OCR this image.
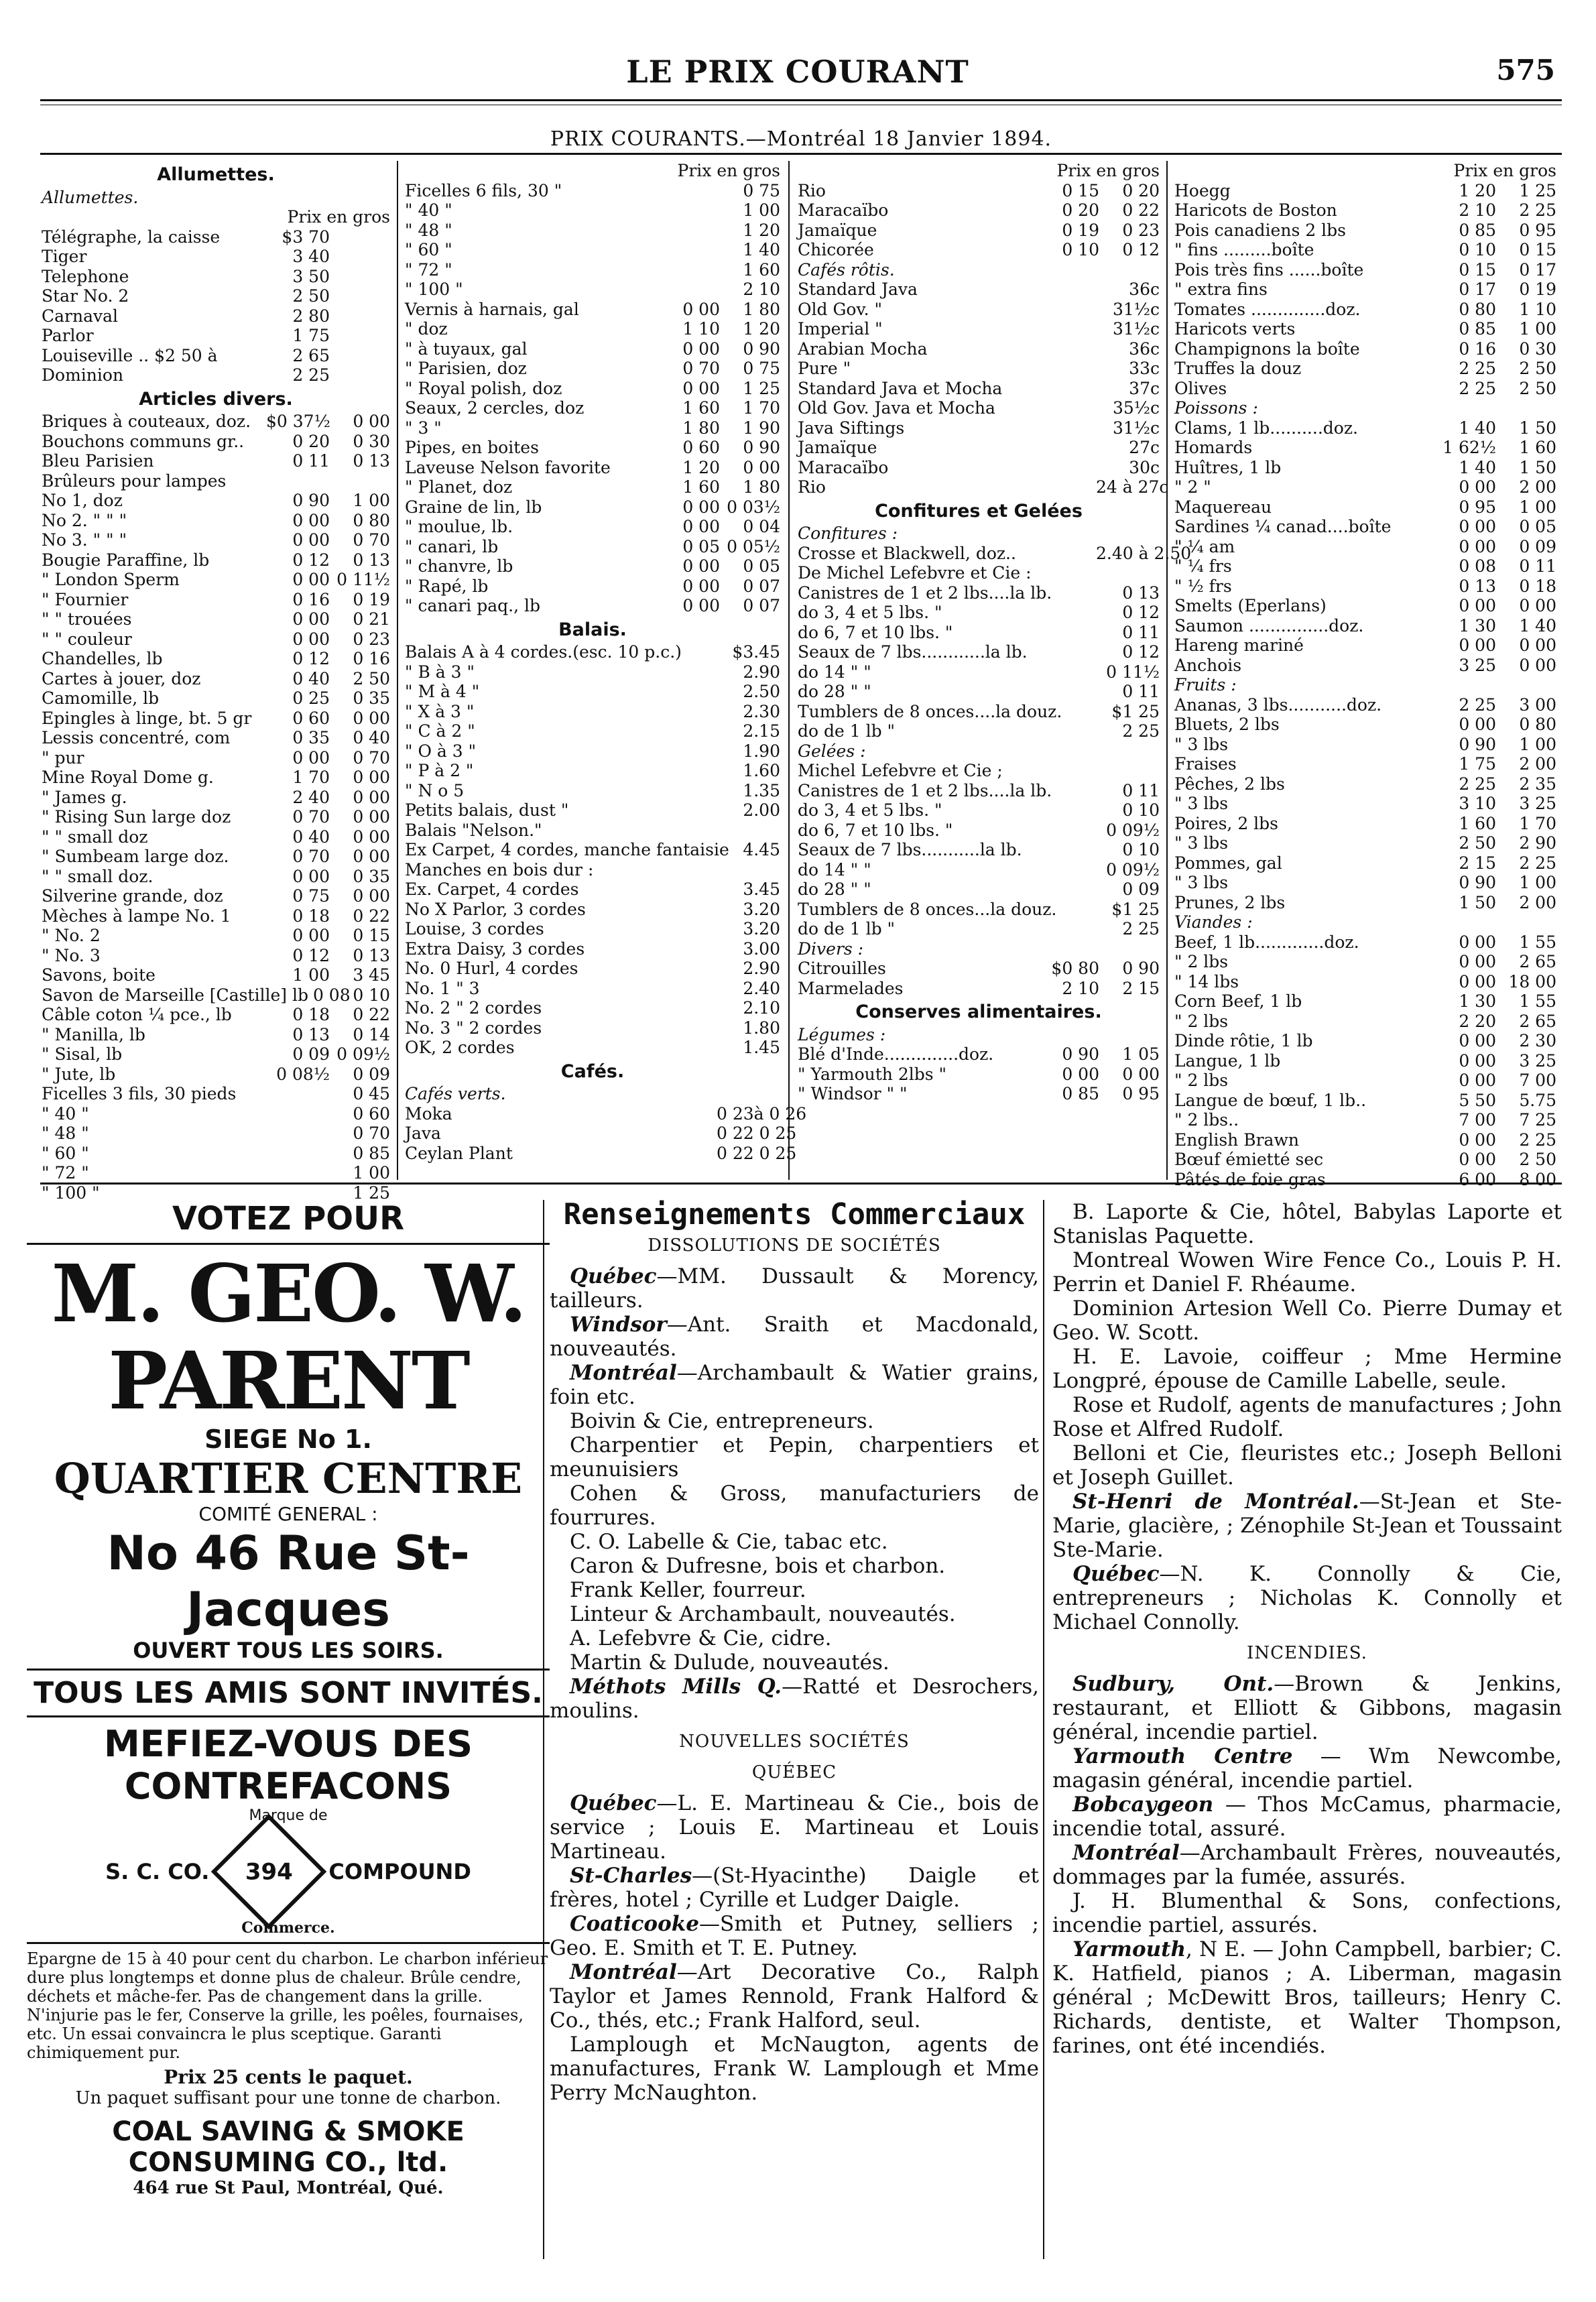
LE PRIX COURANT	575
PRIX COURANTS.—Montréal 18 Janvier 1894.
Allumettes.
Allumettes.
Prix en gros
Télégraphe, la caisse	$3 70
Tiger	3 40
Telephone	3 50
Star No. 2	2 50
Carnaval	2 80
Parlor	1 75
Louiseville .. $2 50 à	2 65
Dominion	2 25
Articles divers.
Briques à couteaux, doz. $0 37½	0 00
Bouchons communs gr..	0 20	0 30
Bleu Parisien	0 11	0 13
Brûleurs pour lampes
No 1, doz	0 90	1 00
No 2. " " "	0 00	0 80
No 3. " " "	0 00	0 70
Bougie Paraffine, lb	0 12	0 13
" London Sperm	0 00 0 11½
" Fournier	0 16	0 19
" " trouées	0 00	0 21
" " couleur	0 00	0 23
Chandelles, lb	0 12	0 16
Cartes à jouer, doz	0 40	2 50
Camomille, lb	0 25	0 35
Epingles à linge, bt. 5 gr	0 60	0 00
Lessis concentré, com	0 35	0 40
" pur	0 00	0 70
Mine Royal Dome g.	1 70	0 00
" James g.	2 40	0 00
" Rising Sun large doz	0 70	0 00
" " small doz	0 40	0 00
" Sumbeam large doz.	0 70	0 00
" " small doz.	0 00	0 35
Silverine grande, doz	0 75	0 00
Mèches à lampe No. 1	0 18	0 22
" No. 2	0 00	0 15
" No. 3	0 12	0 13
Savons, boite	1 00	3 45
Savon de Marseille [Castille] lb 0 08 0 10
Câble coton ¼ pce., lb	0 18	0 22
" Manilla, lb	0 13	0 14
" Sisal, lb	0 09 0 09½
" Jute, lb	0 08½	0 09
Ficelles 3 fils, 30 pieds	0 45
" 40 "	0 60
" 48 "	0 70
" 60 "	0 85
" 72 "	1 00
" 100 "	1 25
Prix en gros
Ficelles 6 fils, 30 "	0 75
" 40 "	1 00
" 48 "	1 20
" 60 "	1 40
" 72 "	1 60
" 100 "	2 10
Vernis à harnais, gal	0 00	1 80
" doz	1 10	1 20
" à tuyaux, gal	0 00	0 90
" Parisien, doz	0 70	0 75
" Royal polish, doz	0 00	1 25
Seaux, 2 cercles, doz	1 60	1 70
" 3 "	1 80	1 90
Pipes, en boites	0 60	0 90
Laveuse Nelson favorite	1 20	0 00
" Planet, doz	1 60	1 80
Graine de lin, lb	0 00 0 03½
" moulue, lb.	0 00	0 04
" canari, lb	0 05 0 05½
" chanvre, lb	0 00	0 05
" Rapé, lb	0 00	0 07
" canari paq., lb	0 00	0 07
Balais.
Balais A à 4 cordes.(esc. 10 p.c.)	$3.45
" B à 3 "	2.90
" M à 4 "	2.50
" X à 3 "	2.30
" C à 2 "	2.15
" O à 3 "	1.90
" P à 2 "	1.60
" N o 5	1.35
Petits balais, dust "	2.00
Balais "Nelson."
Ex Carpet, 4 cordes, manche fantaisie 4.45
Manches en bois dur :
Ex. Carpet, 4 cordes	3.45
No X Parlor, 3 cordes	3.20
Louise, 3 cordes	3.20
Extra Daisy, 3 cordes	3.00
No. 0 Hurl, 4 cordes	2.90
No. 1 " 3	2.40
No. 2 " 2 cordes	2.10
No. 3 " 2 cordes	1.80
OK, 2 cordes	1.45
Cafés.
Cafés verts.
Moka	0 23à 0 26
Java	0 22 0 25
Ceylan Plant	0 22 0 25
Prix en gros
Rio	0 15	0 20
Maracaïbo	0 20	0 22
Jamaïque	0 19	0 23
Chicorée	0 10	0 12
Cafés rôtis.
Standard Java	36c
Old Gov. "	31½c
Imperial "	31½c
Arabian Mocha	36c
Pure "	33c
Standard Java et Mocha	37c
Old Gov. Java et Mocha	35½c
Java Siftings	31½c
Jamaïque	27c
Maracaïbo	30c
Rio	24 à 27c
Confitures et Gelées
Confitures :
Crosse et Blackwell, doz..	2.40 à 2.50
De Michel Lefebvre et Cie :
Canistres de 1 et 2 lbs....la lb.	0 13
do 3, 4 et 5 lbs. "	0 12
do 6, 7 et 10 lbs. "	0 11
Seaux de 7 lbs............la lb.	0 12
do 14 " "	0 11½
do 28 " "	0 11
Tumblers de 8 onces....la douz.	$1 25
do de 1 lb "	2 25
Gelées :
Michel Lefebvre et Cie ;
Canistres de 1 et 2 lbs....la lb.	0 11
do 3, 4 et 5 lbs. "	0 10
do 6, 7 et 10 lbs. "	0 09½
Seaux de 7 lbs...........la lb.	0 10
do 14 " "	0 09½
do 28 " "	0 09
Tumblers de 8 onces...la douz.	$1 25
do de 1 lb "	2 25
Divers :
Citrouilles	$0 80	0 90
Marmelades	2 10	2 15
Conserves alimentaires.
Légumes :
Blé d'Inde..............doz.	0 90	1 05
" Yarmouth 2lbs "	0 00	0 00
" Windsor " "	0 85	0 95
Prix en gros
Hoegg	1 20	1 25
Haricots de Boston	2 10	2 25
Pois canadiens 2 lbs	0 85	0 95
" fins .........boîte	0 10	0 15
Pois très fins ......boîte	0 15	0 17
" extra fins	0 17	0 19
Tomates ..............doz.	0 80	1 10
Haricots verts	0 85	1 00
Champignons la boîte	0 16	0 30
Truffes la douz	2 25	2 50
Olives	2 25	2 50
Poissons :
Clams, 1 lb..........doz.	1 40	1 50
Homards	1 62½	1 60
Huîtres, 1 lb	1 40	1 50
" 2 "	0 00	2 00
Maquereau	0 95	1 00
Sardines ¼ canad....boîte	0 00	0 05
" ¼ am	0 00	0 09
" ¼ frs	0 08	0 11
" ½ frs	0 13	0 18
Smelts (Eperlans)	0 00	0 00
Saumon ...............doz.	1 30	1 40
Hareng mariné	0 00	0 00
Anchois	3 25	0 00
Fruits :
Ananas, 3 lbs...........doz.	2 25	3 00
Bluets, 2 lbs	0 00	0 80
" 3 lbs	0 90	1 00
Fraises	1 75	2 00
Pêches, 2 lbs	2 25	2 35
" 3 lbs	3 10	3 25
Poires, 2 lbs	1 60	1 70
" 3 lbs	2 50	2 90
Pommes, gal	2 15	2 25
" 3 lbs	0 90	1 00
Prunes, 2 lbs	1 50	2 00
Viandes :
Beef, 1 lb.............doz.	0 00	1 55
" 2 lbs	0 00	2 65
" 14 lbs	0 00 18 00
Corn Beef, 1 lb	1 30	1 55
" 2 lbs	2 20	2 65
Dinde rôtie, 1 lb	0 00	2 30
Langue, 1 lb	0 00	3 25
" 2 lbs	0 00	7 00
Langue de bœuf, 1 lb..	5 50	5.75
" 2 lbs..	7 00	7 25
English Brawn	0 00	2 25
Bœuf émietté sec	0 00	2 50
Pâtés de foie gras	6 00	8 00
VOTEZ POUR
M. GEO. W. PARENT
SIEGE No 1.
QUARTIER CENTRE
COMITÉ GENERAL :
No 46 Rue St-Jacques
OUVERT TOUS LES SOIRS.
TOUS LES AMIS SONT INVITÉS.
MEFIEZ-VOUS DES CONTREFACONS
Marque de
S. C. CO. 394 COMPOUND
Commerce.
Epargne de 15 à 40 pour cent du charbon. Le charbon inférieur dure plus longtemps et donne plus de chaleur. Brûle cendre, déchets et mâche-fer. Pas de changement dans la grille. N'injurie pas le fer, Conserve la grille, les poêles, fournaises, etc. Un essai convaincra le plus sceptique. Garanti chimiquement pur.
Prix 25 cents le paquet.
Un paquet suffisant pour une tonne de charbon.
COAL SAVING & SMOKE CONSUMING CO., ltd.
464 rue St Paul, Montréal, Qué.
Renseignements Commerciaux
DISSOLUTIONS DE SOCIÉTÉS

Québec—MM. Dussault & Morency, tailleurs.

Windsor—Ant. Sraith et Macdonald, nouveautés.

Montréal—Archambault & Watier grains, foin etc.

Boivin & Cie, entrepreneurs.

Charpentier et Pepin, charpentiers et meunuisiers

Cohen & Gross, manufacturiers de fourrures.

C. O. Labelle & Cie, tabac etc.

Caron & Dufresne, bois et charbon.

Frank Keller, fourreur.

Linteur & Archambault, nouveautés.

A. Lefebvre & Cie, cidre.

Martin & Dulude, nouveautés.

Méthots Mills Q.—Ratté et Desrochers, moulins.

NOUVELLES SOCIÉTÉS
QUÉBEC

Québec—L. E. Martineau & Cie., bois de service ; Louis E. Martineau et Louis Martineau.

St-Charles—(St-Hyacinthe) Daigle et frères, hotel ; Cyrille et Ludger Daigle.

Coaticooke—Smith et Putney, selliers ; Geo. E. Smith et T. E. Putney.

Montréal—Art Decorative Co., Ralph Taylor et James Rennold, Frank Halford & Co., thés, etc.; Frank Halford, seul.

Lamplough et McNaugton, agents de manufactures, Frank W. Lamplough et Mme Perry McNaughton.

B. Laporte & Cie, hôtel, Babylas Laporte et Stanislas Paquette.

Montreal Wowen Wire Fence Co., Louis P. H. Perrin et Daniel F. Rhéaume.

Dominion Artesion Well Co. Pierre Dumay et Geo. W. Scott.

H. E. Lavoie, coiffeur ; Mme Hermine Longpré, épouse de Camille Labelle, seule.

Rose et Rudolf, agents de manufactures ; John Rose et Alfred Rudolf.

Belloni et Cie, fleuristes etc.; Joseph Belloni et Joseph Guillet.

St-Henri de Montréal.—St-Jean et Ste-Marie, glacière, ; Zénophile St-Jean et Toussaint Ste-Marie.

Québec—N. K. Connolly & Cie, entrepreneurs ; Nicholas K. Connolly et Michael Connolly.

INCENDIES.

Sudbury, Ont.—Brown & Jenkins, restaurant, et Elliott & Gibbons, magasin général, incendie partiel.

Yarmouth Centre — Wm Newcombe, magasin général, incendie partiel.

Bobcaygeon — Thos McCamus, pharmacie, incendie total, assuré.

Montréal—Archambault Frères, nouveautés, dommages par la fumée, assurés.

J. H. Blumenthal & Sons, confections, incendie partiel, assurés.

Yarmouth, N E. — John Campbell, barbier; C. K. Hatfield, pianos ; A. Liberman, magasin général ; McDewitt Bros, tailleurs; Henry C. Richards, dentiste, et Walter Thompson, farines, ont été incendiés.
